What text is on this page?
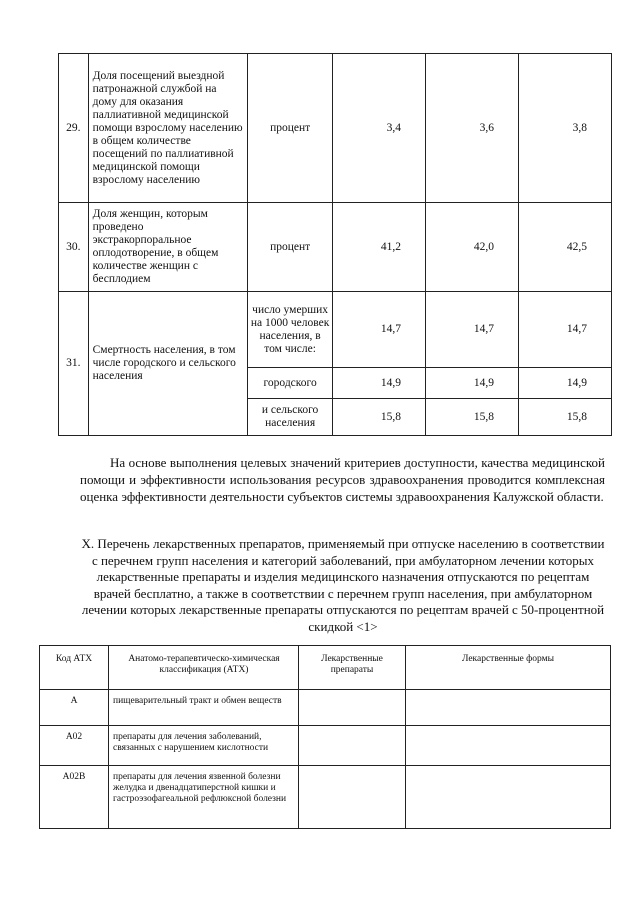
29.	Доля посещений выездной патронажной службой на дому для оказания паллиативной медицинской помощи взрослому населению в общем количестве посещений по паллиативной медицинской помощи взрослому населению	процент	3,4	3,6	3,8
30.	Доля женщин, которым проведено экстракорпоральное оплодотворение, в общем количестве женщин с бесплодием	процент	41,2	42,0	42,5
31.	Смертность населения, в том числе городского и сельского населения	число умерших на 1000 человек населения, в том числе:	14,7	14,7	14,7
		городского	14,9	14,9	14,9
		и сельского населения	15,8	15,8	15,8
На основе выполнения целевых значений критериев доступности, качества медицинской помощи и эффективности использования ресурсов здравоохранения проводится комплексная оценка эффективности деятельности субъектов системы здравоохранения Калужской области.
X. Перечень лекарственных препаратов, применяемый при отпуске населению в соответствии с перечнем групп населения и категорий заболеваний, при амбулаторном лечении которых лекарственные препараты и изделия медицинского назначения отпускаются по рецептам врачей бесплатно, а также в соответствии с перечнем групп населения, при амбулаторном лечении которых лекарственные препараты отпускаются по рецептам врачей с 50-процентной скидкой <1>
Код АТХ	Анатомо-терапевтическо-химическая классификация (АТХ)	Лекарственные препараты	Лекарственные формы
A	пищеварительный тракт и обмен веществ		
A02	препараты для лечения заболеваний, связанных с нарушением кислотности		
A02B	препараты для лечения язвенной болезни желудка и двенадцатиперстной кишки и гастроэзофагеальной рефлюксной болезни		
